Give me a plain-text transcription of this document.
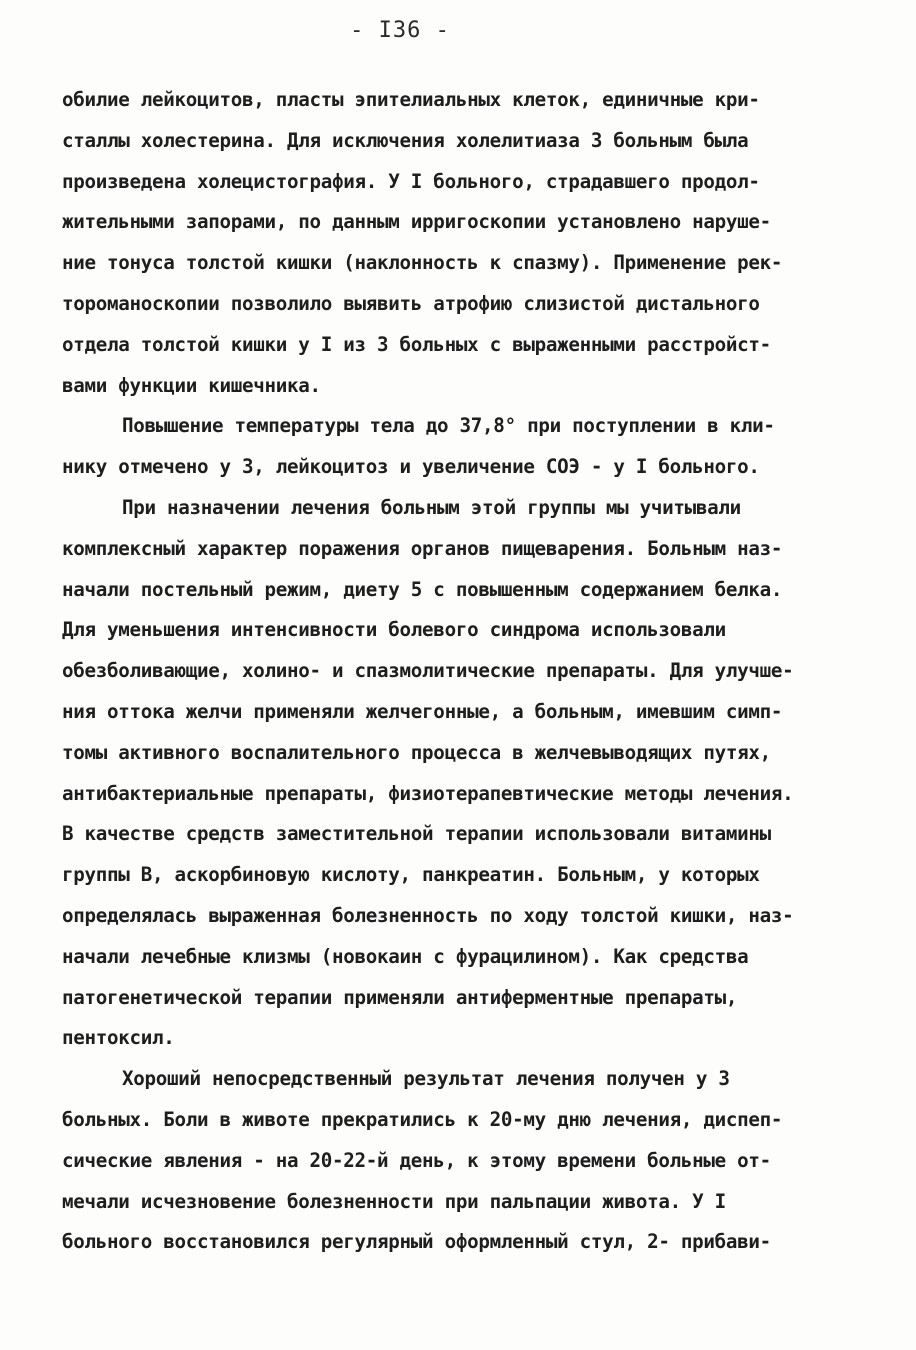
- I36 -
обилие лейкоцитов, пласты эпителиальных клеток, единичные кри-
сталлы холестерина. Для исключения холелитиаза 3 больным была
произведена холецистография. У I больного, страдавшего продол-
жительными запорами, по данным ирригоскопии установлено наруше-
ние тонуса толстой кишки (наклонность к спазму). Применение рек-
тороманоскопии позволило выявить атрофию слизистой дистального
отдела толстой кишки у I из 3 больных с выраженными расстройст-
вами функции кишечника.
Повышение температуры тела до 37,8° при поступлении в кли-
нику отмечено у 3, лейкоцитоз и увеличение СОЭ - у I больного.
При назначении лечения больным этой группы мы учитывали
комплексный характер поражения органов пищеварения. Больным наз-
начали постельный режим, диету 5 с повышенным содержанием белка.
Для уменьшения интенсивности болевого синдрома использовали
обезболивающие, холино- и спазмолитические препараты. Для улучше-
ния оттока желчи применяли желчегонные, а больным, имевшим симп-
томы активного воспалительного процесса в желчевыводящих путях,
антибактериальные препараты, физиотерапевтические методы лечения.
В качестве средств заместительной терапии использовали витамины
группы В, аскорбиновую кислоту, панкреатин. Больным, у которых
определялась выраженная болезненность по ходу толстой кишки, наз-
начали лечебные клизмы (новокаин с фурацилином). Как средства
патогенетической терапии применяли антиферментные препараты,
пентоксил.
Хороший непосредственный результат лечения получен у 3
больных. Боли в животе прекратились к 20-му дню лечения, диспеп-
сические явления - на 20-22-й день, к этому времени больные от-
мечали исчезновение болезненности при пальпации живота. У I
больного восстановился регулярный оформленный стул, 2- прибави-
